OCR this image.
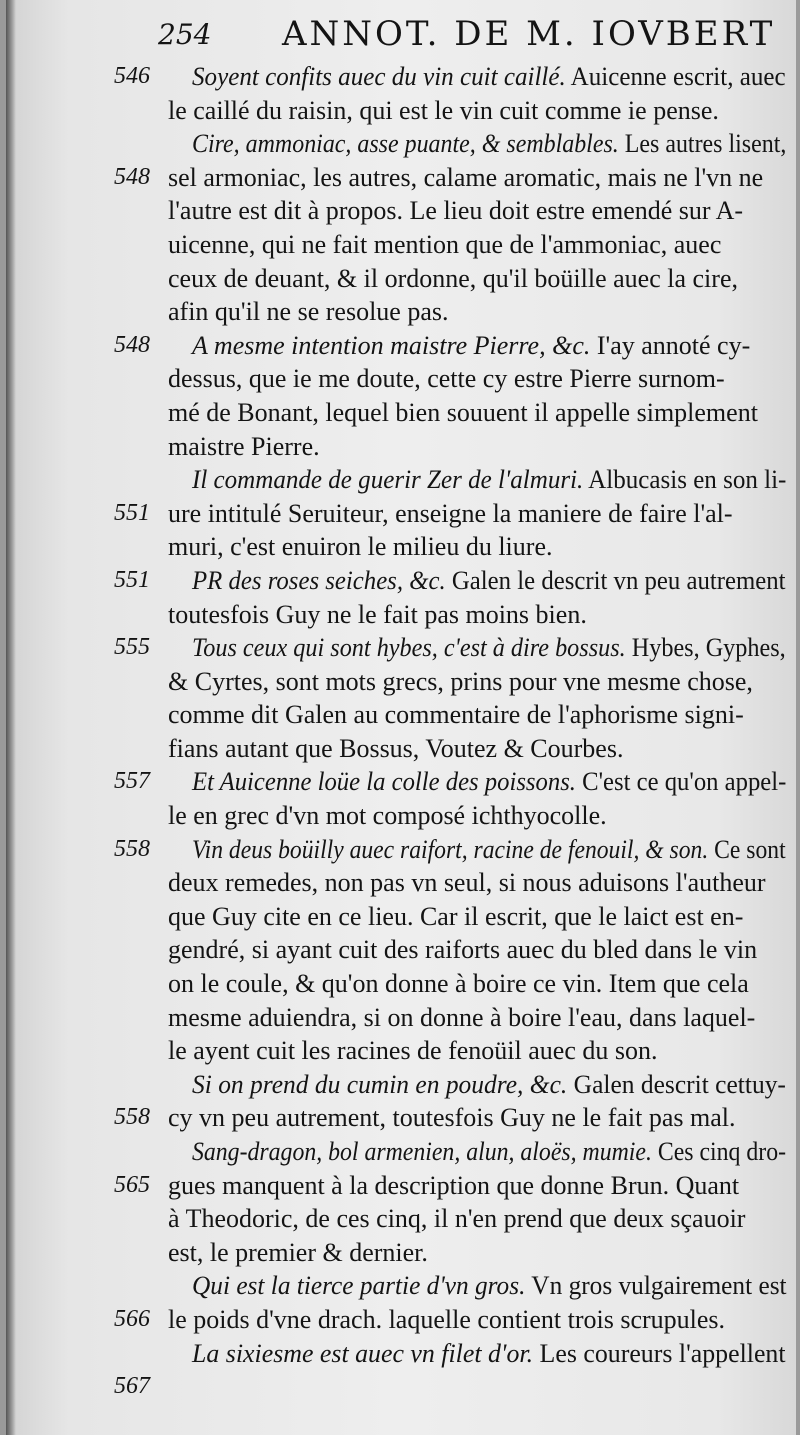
254 ANNOT. DE M. IOVBERT
546 Soyent confits auec du vin cuit caillé. Auicenne escrit, auec
le caillé du raisin, qui est le vin cuit comme ie pense.
Cire, ammoniac, asse puante, & semblables. Les autres lisent,
548 sel armoniac, les autres, calame aromatic, mais ne l'vn ne
l'autre est dit à propos. Le lieu doit estre emendé sur A-
uicenne, qui ne fait mention que de l'ammoniac, auec
ceux de deuant, & il ordonne, qu'il boüille auec la cire,
afin qu'il ne se resolue pas.
548 A mesme intention maistre Pierre, &c. I'ay annoté cy-
dessus, que ie me doute, cette cy estre Pierre surnom-
mé de Bonant, lequel bien souuent il appelle simplement
maistre Pierre.
Il commande de guerir Zer de l'almuri. Albucasis en son li-
551 ure intitulé Seruiteur, enseigne la maniere de faire l'al-
muri, c'est enuiron le milieu du liure.
551 PR des roses seiches, &c. Galen le descrit vn peu autrement
toutesfois Guy ne le fait pas moins bien.
555 Tous ceux qui sont hybes, c'est à dire bossus. Hybes, Gyphes,
& Cyrtes, sont mots grecs, prins pour vne mesme chose,
comme dit Galen au commentaire de l'aphorisme signi-
fians autant que Bossus, Voutez & Courbes.
557 Et Auicenne loüe la colle des poissons. C'est ce qu'on appel-
le en grec d'vn mot composé ichthyocolle.
558 Vin deus boüilly auec raifort, racine de fenouil, & son. Ce sont
deux remedes, non pas vn seul, si nous aduisons l'autheur
que Guy cite en ce lieu. Car il escrit, que le laict est en-
gendré, si ayant cuit des raiforts auec du bled dans le vin
on le coule, & qu'on donne à boire ce vin. Item que cela
mesme aduiendra, si on donne à boire l'eau, dans laquel-
le ayent cuit les racines de fenoüil auec du son.
Si on prend du cumin en poudre, &c. Galen descrit cettuy-
558 cy vn peu autrement, toutesfois Guy ne le fait pas mal.
Sang-dragon, bol armenien, alun, aloës, mumie. Ces cinq dro-
565 gues manquent à la description que donne Brun. Quant
à Theodoric, de ces cinq, il n'en prend que deux sçauoir
est, le premier & dernier.
Qui est la tierce partie d'vn gros. Vn gros vulgairement est
566 le poids d'vne drach. laquelle contient trois scrupules.
La sixiesme est auec vn filet d'or. Les coureurs l'appellent
567
